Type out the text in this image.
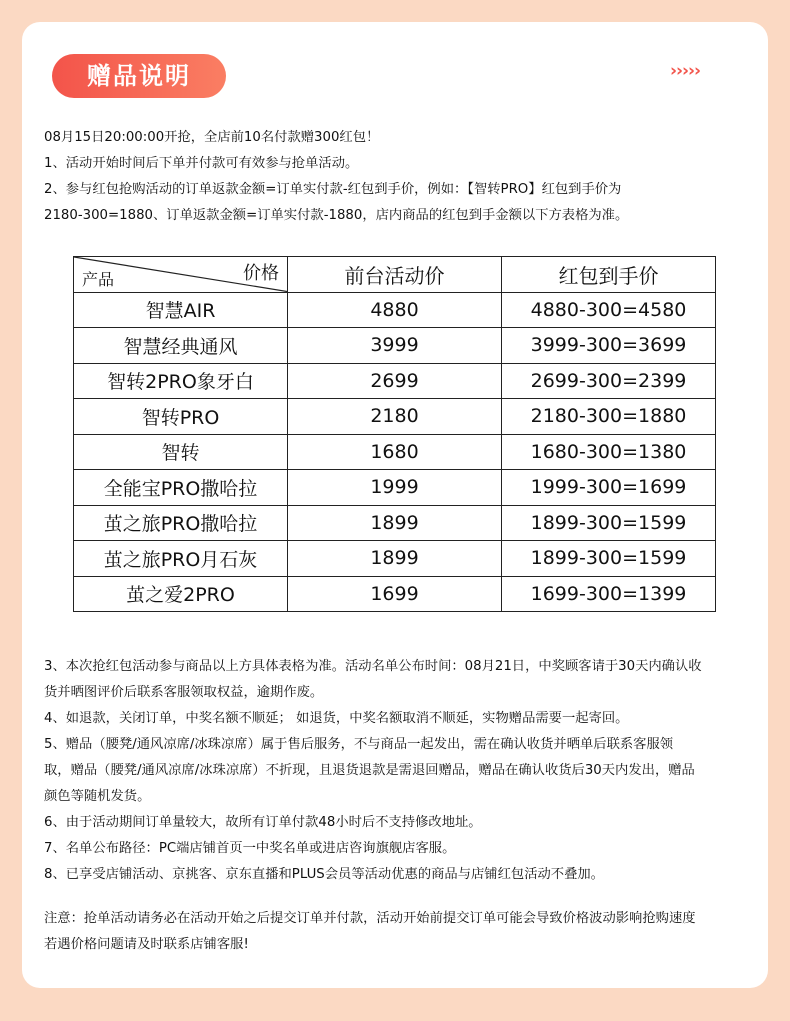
赠品说明	›››››
08月15日20:00:00开抢，全店前10名付款赠300红包！
1、活动开始时间后下单并付款可有效参与抢单活动。
2、参与红包抢购活动的订单返款金额=订单实付款-红包到手价，例如：【智转PRO】红包到手价为
2180-300=1880、订单返款金额=订单实付款-1880，店内商品的红包到手金额以下方表格为准。
价格
产品	前台活动价	红包到手价
智慧AIR	4880	4880-300=4580
智慧经典通风	3999	3999-300=3699
智转2PRO象牙白	2699	2699-300=2399
智转PRO	2180	2180-300=1880
智转	1680	1680-300=1380
全能宝PRO撒哈拉	1999	1999-300=1699
茧之旅PRO撒哈拉	1899	1899-300=1599
茧之旅PRO月石灰	1899	1899-300=1599
茧之爱2PRO	1699	1699-300=1399
3、本次抢红包活动参与商品以上方具体表格为准。活动名单公布时间：08月21日，中奖顾客请于30天内确认收
货并晒图评价后联系客服领取权益，逾期作废。
4、如退款，关闭订单，中奖名额不顺延； 如退货，中奖名额取消不顺延，实物赠品需要一起寄回。
5、赠品（腰凳/通风凉席/冰珠凉席）属于售后服务，不与商品一起发出，需在确认收货并晒单后联系客服领
取，赠品（腰凳/通风凉席/冰珠凉席）不折现，且退货退款是需退回赠品，赠品在确认收货后30天内发出，赠品
颜色等随机发货。
6、由于活动期间订单量较大，故所有订单付款48小时后不支持修改地址。
7、名单公布路径：PC端店铺首页一中奖名单或进店咨询旗舰店客服。
8、已享受店铺活动、京挑客、京东直播和PLUS会员等活动优惠的商品与店铺红包活动不叠加。
注意：抢单活动请务必在活动开始之后提交订单并付款，活动开始前提交订单可能会导致价格波动影响抢购速度
若遇价格问题请及时联系店铺客服!
